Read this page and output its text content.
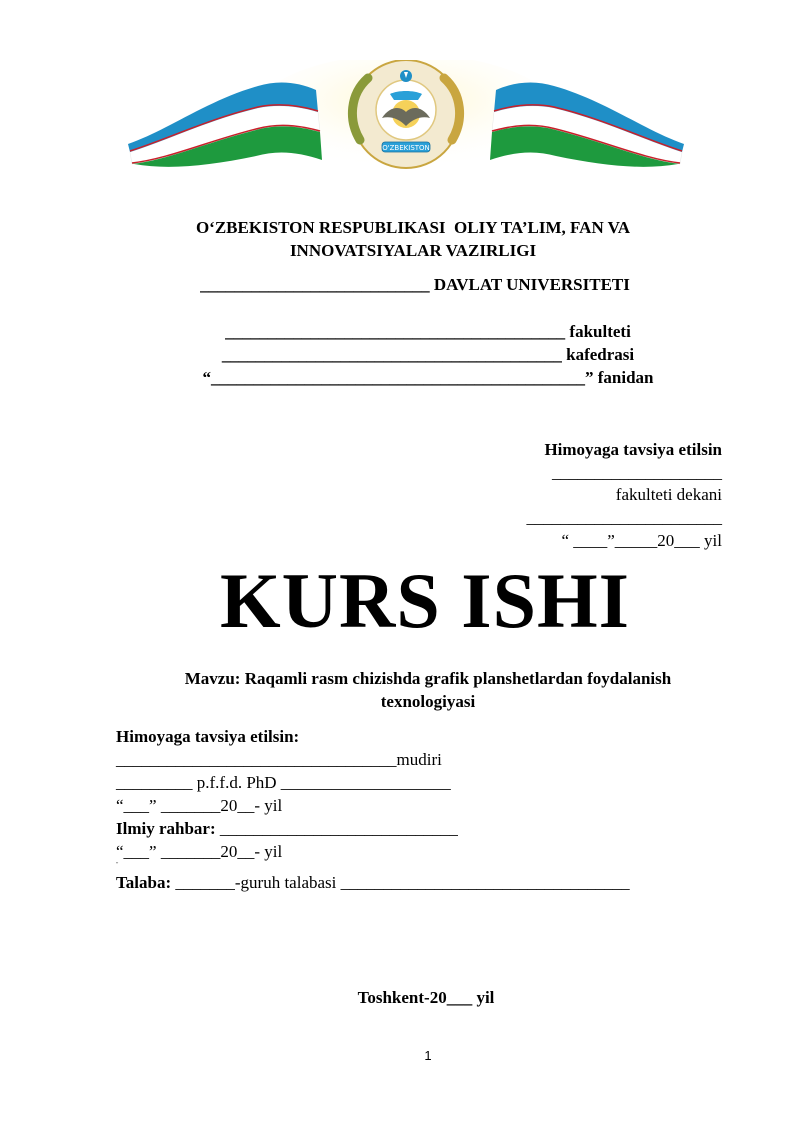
O'ZBEKISTON
O‘ZBEKISTON RESPUBLIKASI  OLIY TA’LIM, FAN VA
INNOVATSIYALAR VAZIRLIGI
___________________________ DAVLAT UNIVERSITETI
________________________________________ fakulteti
________________________________________ kafedrasi
“____________________________________________” fanidan
Himoyaga tavsiya etilsin
____________________
fakulteti dekani
_______________________
“ ____”_____20___ yil
KURS ISHI
Mavzu: Raqamli rasm chizishda grafik planshetlardan foydalanish
texnologiyasi
Himoyaga tavsiya etilsin:
_________________________________mudiri
_________ p.f.f.d. PhD ____________________
“___” _______20__- yil
Ilmiy rahbar: ____________________________
“___” _______20__- yil
"
Talaba: _______-guruh talabasi __________________________________
Toshkent-20___ yil
1
